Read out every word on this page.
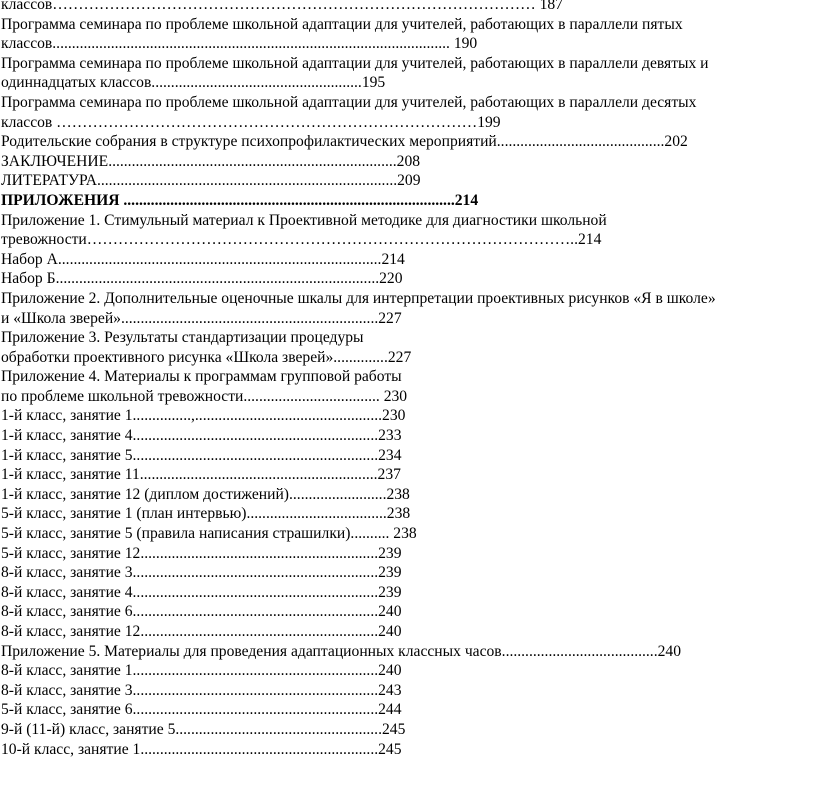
классов………………………………………………………………………………… 187
Программа семинара по проблеме школьной адаптации для учителей, работающих в параллели пятых
классов...................................................................................................... 190
Программа семинара по проблеме школьной адаптации для учителей, работающих в параллели девятых и
одиннадцатых классов......................................................195
Программа семинара по проблеме школьной адаптации для учителей, работающих в параллели десятых
классов ………………………………………………………………………199
Родительские собрания в структуре психопрофилактических мероприятий...........................................202
ЗАКЛЮЧЕНИЕ..........................................................................208
ЛИТЕРАТУРА.............................................................................209
ПРИЛОЖЕНИЯ .....................................................................................214
Приложение 1. Стимульный материал к Проективной методике для диагностики школьной
тревожности…………………………………………………………………………………..214
Набор А...................................................................................214
Набор Б...................................................................................220
Приложение 2. Дополнительные оценочные шкалы для интерпретации проективных рисунков «Я в школе»
и «Школа зверей»..................................................................227
Приложение 3. Результаты стандартизации процедуры
обработки проективного рисунка «Школа зверей»..............227
Приложение 4. Материалы к программам групповой работы
по проблеме школьной тревожности................................... 230
1-й класс, занятие 1...............,................................................230
1-й класс, занятие 4...............................................................233
1-й класс, занятие 5...............................................................234
1-й класс, занятие 11.............................................................237
1-й класс, занятие 12 (диплом достижений).........................238
5-й класс, занятие 1 (план интервью)....................................238
5-й класс, занятие 5 (правила написания страшилки).......... 238
5-й класс, занятие 12.............................................................239
8-й класс, занятие 3...............................................................239
8-й класс, занятие 4...............................................................239
8-й класс, занятие 6...............................................................240
8-й класс, занятие 12.............................................................240
Приложение 5. Материалы для проведения адаптационных классных часов........................................240
8-й класс, занятие 1...............................................................240
8-й класс, занятие 3...............................................................243
5-й класс, занятие 6...............................................................244
9-й (11-й) класс, занятие 5.....................................................245
10-й класс, занятие 1.............................................................245
